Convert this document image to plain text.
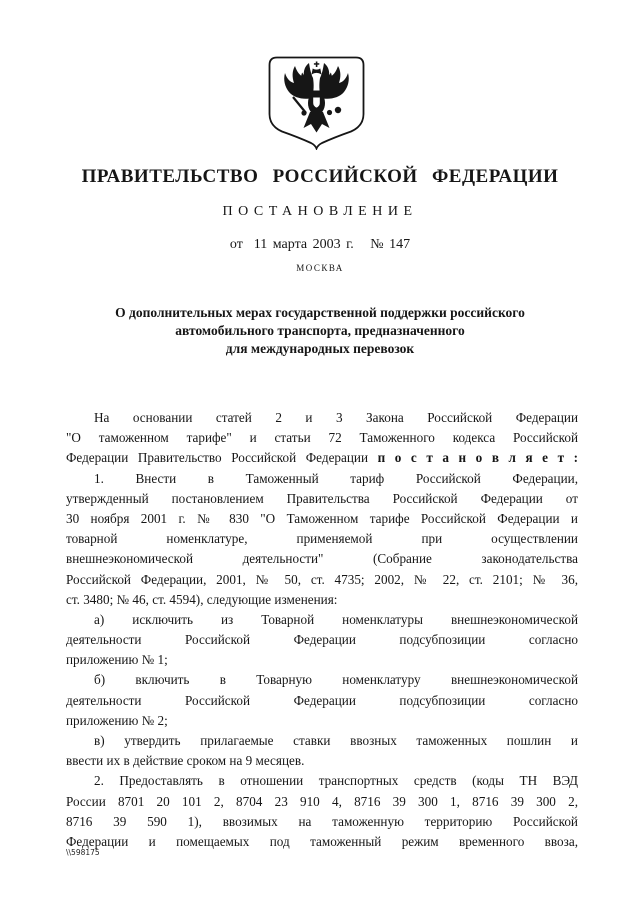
ПРАВИТЕЛЬСТВО РОССИЙСКОЙ ФЕДЕРАЦИИ
ПОСТАНОВЛЕНИЕ
от  11 марта 2003 г.   № 147
МОСКВА
О дополнительных мерах государственной поддержки российского
автомобильного транспорта, предназначенного
для международных перевозок
На основании статей 2 и 3 Закона Российской Федерации
"О таможенном тарифе" и статьи 72 Таможенного кодекса Российской
Федерации Правительство Российской Федерации п о с т а н о в л я е т :
1. Внести в Таможенный тариф Российской Федерации,
утвержденный постановлением Правительства Российской Федерации от
30 ноября 2001 г. № 830 "О Таможенном тарифе Российской Федерации и
товарной номенклатуре, применяемой при осуществлении
внешнеэкономической деятельности" (Собрание законодательства
Российской Федерации, 2001, № 50, ст. 4735; 2002, № 22, ст. 2101; № 36,
ст. 3480; № 46, ст. 4594), следующие изменения:
а) исключить из Товарной номенклатуры внешнеэкономической
деятельности Российской Федерации подсубпозиции согласно
приложению № 1;
б) включить в Товарную номенклатуру внешнеэкономической
деятельности Российской Федерации подсубпозиции согласно
приложению № 2;
в) утвердить прилагаемые ставки ввозных таможенных пошлин и
ввести их в действие сроком на 9 месяцев.
2. Предоставлять в отношении транспортных средств (коды ТН ВЭД
России 8701 20 101 2, 8704 23 910 4, 8716 39 300 1, 8716 39 300 2,
8716 39 590 1), ввозимых на таможенную территорию Российской
Федерации и помещаемых под таможенный режим временного ввоза,
\\598175
